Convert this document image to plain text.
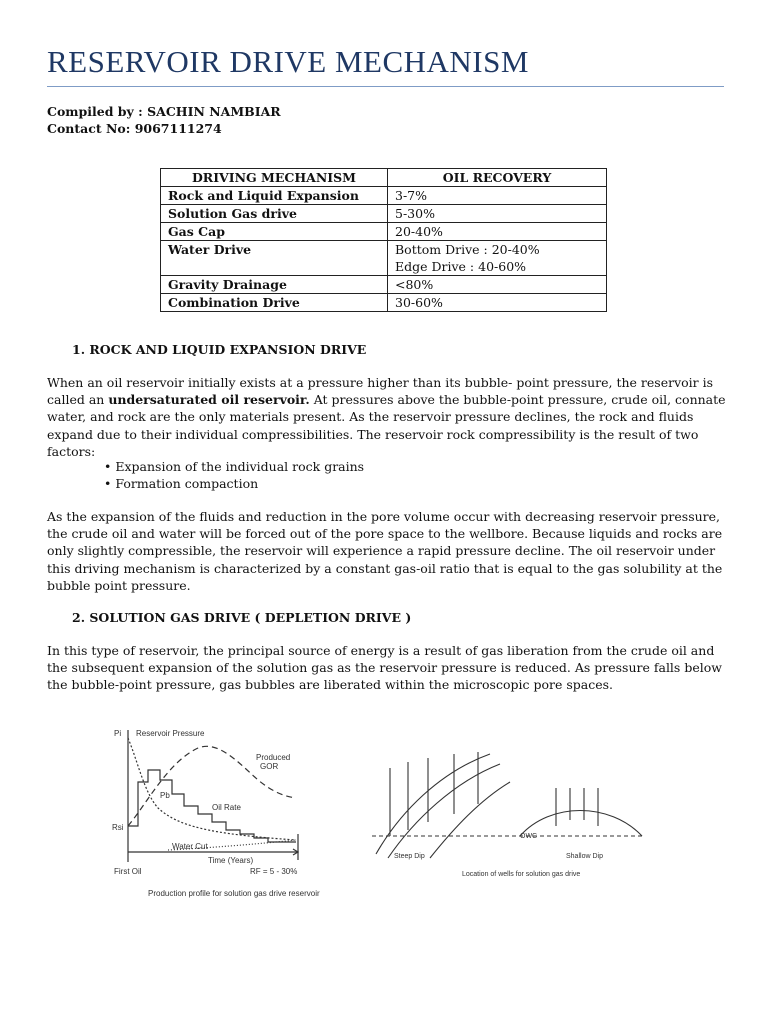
RESERVOIR DRIVE MECHANISM
Compiled by : SACHIN NAMBIAR
Contact No: 9067111274
DRIVING MECHANISM	OIL RECOVERY
Rock and Liquid Expansion	3-7%
Solution Gas drive	5-30%
Gas Cap	20-40%
Water Drive	Bottom Drive : 20-40%
Edge Drive : 40-60%

Gravity Drainage	<80%
Combination Drive	30-60%
1. ROCK AND LIQUID EXPANSION DRIVE
When an oil reservoir initially exists at a pressure higher than its bubble- point pressure, the reservoir is called an undersaturated oil reservoir. At pressures above the bubble-point pressure, crude oil, connate water, and rock are the only materials present. As the reservoir pressure declines, the rock and fluids expand due to their individual compressibilities. The reservoir rock compressibility is the result of two factors:
• Expansion of the individual rock grains
• Formation compaction
As the expansion of the fluids and reduction in the pore volume occur with decreasing reservoir pressure, the crude oil and water will be forced out of the pore space to the wellbore. Because liquids and rocks are only slightly compressible, the reservoir will experience a rapid pressure decline. The oil reservoir under this driving mechanism is characterized by a constant gas-oil ratio that is equal to the gas solubility at the bubble point pressure.
2. SOLUTION GAS DRIVE ( DEPLETION DRIVE )
In this type of reservoir, the principal source of energy is a result of gas liberation from the crude oil and the subsequent expansion of the solution gas as the reservoir pressure is reduced. As pressure falls below the bubble-point pressure, gas bubbles are liberated within the microscopic pore spaces.
Pi Reservoir Pressure
Produced
GOR
Pb
Oil Rate
Rsi
Water Cut
Time (Years)
First Oil	RF = 5 - 30%
Production profile for solution gas drive reservoir
OWC
Steep Dip	Shallow Dip
Location of wells for solution gas drive
